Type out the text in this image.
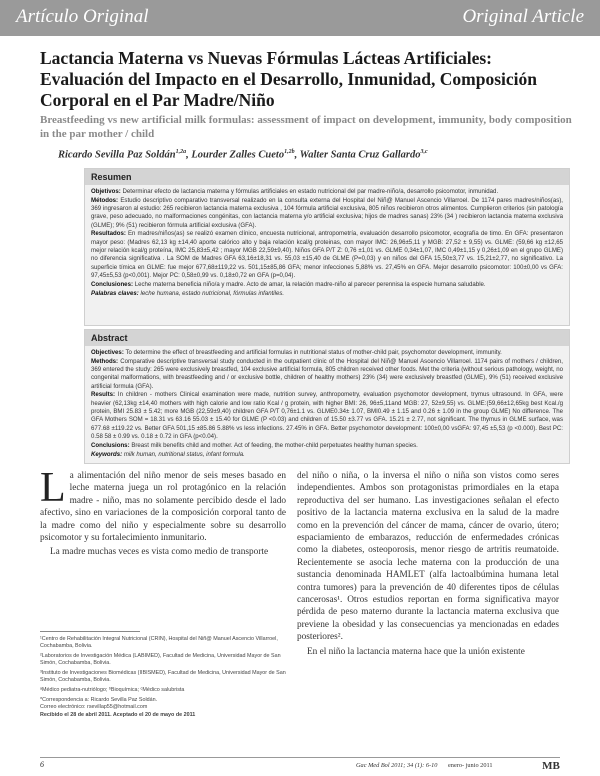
Artículo Original	Original Article
Lactancia Materna vs Nuevas Fórmulas Lácteas Artificiales: Evaluación del Impacto en el Desarrollo, Inmunidad, Composición Corporal en el Par Madre/Niño
Breastfeeding vs new artificial milk formulas: assessment of impact on development, immunity, body composition in the par mother / child
Ricardo Sevilla Paz Soldán$^{1,2a}$, Lourder Zalles Cueto$^{1,2b}$, Walter Santa Cruz Gallardo$^{3,c}$
Resumen

Objetivos: Determinar efecto de lactancia materna y fórmulas artificiales en estado nutricional del par madre-niño/a, desarrollo psicomotor, inmunidad.

Métodos: Estudio descriptivo comparativo transversal realizado en la consulta externa del Hospital del Niñ@ Manuel Ascencio Villarroel. De 1174 pares madres/niños(as), 369 ingresaron al estudio: 265 recibieron lactancia materna exclusiva , 104 fórmula artificial exclusiva, 805 niños recibieron otros alimentos. Cumplieron criterios (sin patología grave, peso adecuado, no malformaciones congénitas, con lactancia materna y/o artificial exclusiva; hijos de madres sanas) 23% (34 ) recibieron lactancia materna exclusiva (GLME); 9% (51) recibieron fórmula artificial exclusiva (GFA).

Resultados: En madres/niños(as) se realizó examen clínico, encuesta nutricional, antropometría, evaluación desarrollo psicomotor, ecografía de timo. En GFA: presentaron mayor peso: (Madres 62,13 kg ±14,40 aporte calórico alto y baja relación kcal/g proteinas, con mayor IMC: 26,96±5,11 y MGB: 27,52 ± 9,55) vs. GLME: (59,66 kg ±12,65 mejor relación kcal/g proteína, IMC 25,83±5,42 ; mayor MGB 22,59±9,40). Niños GFA P/T Z: 0,76 ±1,01 vs. GLME 0,34±1,07, IMC 0,49±1,15 y 0,26±1,09 en el grupo GLME) no diferencia significativa . La SOM de Madres GFA 63,16±18,31 vs. 55,03 ±15,40 de GLME (P=0,03) y en niños del GFA 15,50±3,77 vs. 15,21±2,77, no significativo. La superficie tímica en GLME: fue mejor 677,68±119,22 vs. 501,15±85,86 GFA; menor infecciones 5,88% vs. 27,45% en GFA. Mejor desarrollo psicomotor: 100±0,00 vs GFA: 97,45±5,53 (p<0,001). Mejor PC: 0,58±0,99 vs. 0,18±0,72 en GFA (p=0,04).

Conclusiones: Leche materna beneficia niño/a y madre. Acto de amar, la relación madre-niño al parecer perennisa la especie humana saludable.

Palabras claves: leche humana, estado nutricional, fórmulas infantiles.

Abstract

Objectives: To determine the effect of breastfeeding and artificial formulas in nutritional status of mother-child pair, psychomotor development, immunity.

Methods: Comparative descriptive transversal study conducted in the outpatient clinic of the Hospital del Niñ@ Manuel Ascencio Villarroel. 1174 pairs of mothers / children, 369 entered the study: 265 were exclusively breastfed, 104 exclusive artificial formula, 805 children received other foods. Met the criteria (without serious pathology, weight, no congenital malformations, with breastfeeding and / or exclusive bottle, children of healthy mothers) 23% (34) were exclusively breastfed (GLME), 9% (51) received exclusive artificial formula (GFA).

Results: In children - mothers Clinical examination were made, nutrition survey, anthropometry, evaluation psychomotor development, trymus ultrasound. In GFA, were heavier (62,13kg ±14,40 mothers with high calorie and low ratio Kcal / g protein, with higher BMI: 26, 96±5,11and MGB: 27, 52±9,55) vs. GLME:(59,66±12,65kg best Kcal./g protein, BMI 25.83 ± 5.42; more MGB (22,59±9,40) children GFA P/T 0,76±1.1 vs. GLME0.34± 1.07, BMI0.49 ± 1.15 and 0.26 ± 1.09 in the group GLME) No difference. The GFA Mothers SOM = 18.31 vs 63.16 55.03 ± 15.40 for GLME (P <0.03) and children of 15.50 ±3.77 vs GFA. 15.21 ± 2.77, not significant. The thymus in GLME surface, was 677.68 ±119.22 vs. Better GFA 501,15 ±85.86 5.88% vs less infections. 27.45% in GFA. Better psychomotor development: 100±0,00 vsGFA: 97,45 ±5,53 (p <0.000). Best PC: 0.58 58 ± 0.99 vs. 0.18 ± 0.72 in GFA (p<0.04).

Conclusions: Breast milk benefits child and mother. Act of feeding, the mother-child perpetuates healthy human species.

Keywords: milk human, nutritional status, infant formula.

La alimentación del niño menor de seis meses basado en leche materna juega un rol protagónico en la relación madre - niño, mas no solamente percibido desde el lado afectivo, sino en variaciones de la composición corporal tanto de la madre como del niño y especialmente sobre su desarrollo psicomotor y su fortalecimiento inmunitario.

La madre muchas veces es vista como medio de transporte

¹Centro de Rehabilitación Integral Nutricional (CRIN), Hospital del Niñ@ Manuel Ascencio Villarroel, Cochabamba, Bolivia.

²Laboratorios de Investigación Médica (LABIMED), Facultad de Medicina, Universidad Mayor de San Simón, Cochabamba, Bolivia.

³Instituto de Investigaciones Biomédicas (IIBISMED), Facultad de Medicina, Universidad Mayor de San Simón, Cochabamba, Bolivia.

ᵃMédico pediatra-nutriólogo; ᵇBioquímica; ᶜMédico salubrista

*Correspondencia a: Ricardo Sevilla Paz Soldán.

Correo electrónico: rsevillap55@hotmail.com

Recibido el 28 de abril 2011. Aceptado el 20 de mayo de 2011

del niño o niña, o la inversa el niño o niña son vistos como seres independientes. Ambos son protagonistas primordiales en la etapa reproductiva del ser humano. Las investigaciones señalan el efecto positivo de la lactancia materna exclusiva en la salud de la madre como en la prevención del cáncer de mama, cáncer de ovario, útero; espaciamiento de embarazos, reducción de enfermedades crónicas como la diabetes, osteoporosis, menor riesgo de artritis reumatoide. Recientemente se asocia leche materna con la producción de una sustancia denominada HAMLET (alfa lactoalbúmina humana letal contra tumores) para la prevención de 40 diferentes tipos de células cancerosas¹. Otros estudios reportan en forma significativa mayor pérdida de peso materno durante la lactancia materna exclusiva que previene la obesidad y las consecuencias ya mencionadas en edades posteriores².

En el niño la lactancia materna hace que la unión existente

6	Gac Med Bol 2011; 34 (1): 6-10 enero- junio 2011	MB
